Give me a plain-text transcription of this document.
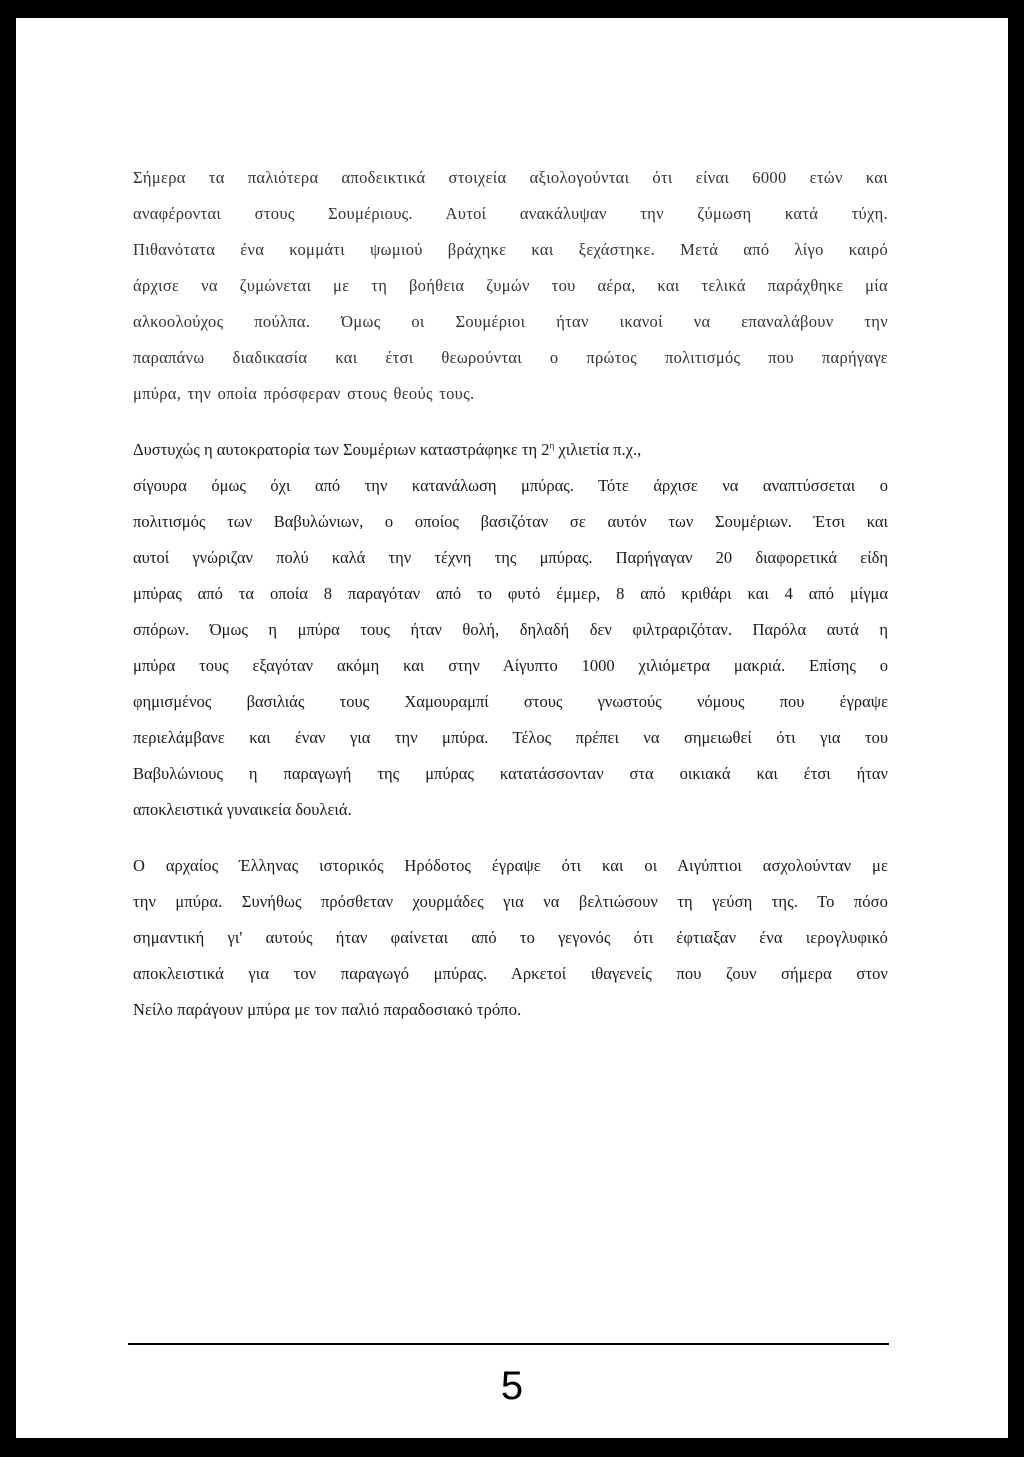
Σήμερα τα παλιότερα αποδεικτικά στοιχεία αξιολογούνται ότι είναι 6000 ετών και
αναφέρονται στους Σουμέριους. Αυτοί ανακάλυψαν την ζύμωση κατά τύχη.
Πιθανότατα ένα κομμάτι ψωμιού βράχηκε και ξεχάστηκε. Μετά από λίγο καιρό
άρχισε να ζυμώνεται με τη βοήθεια ζυμών του αέρα, και τελικά παράχθηκε μία
αλκοολούχος πούλπα. Όμως οι Σουμέριοι ήταν ικανοί να επαναλάβουν την
παραπάνω διαδικασία και έτσι θεωρούνται ο πρώτος πολιτισμός που παρήγαγε
μπύρα, την οποία πρόσφεραν στους θεούς τους.

Δυστυχώς η αυτοκρατορία των Σουμέριων καταστράφηκε τη $2^\eta$ χιλιετία π.χ.,
σίγουρα όμως όχι από την κατανάλωση μπύρας. Τότε άρχισε να αναπτύσσεται ο
πολιτισμός των Βαβυλώνιων, ο οποίος βασιζόταν σε αυτόν των Σουμέριων. Έτσι και
αυτοί γνώριζαν πολύ καλά την τέχνη της μπύρας. Παρήγαγαν 20 διαφορετικά είδη
μπύρας από τα οποία 8 παραγόταν από το φυτό έμμερ, 8 από κριθάρι και 4 από μίγμα
σπόρων. Όμως η μπύρα τους ήταν θολή, δηλαδή δεν φιλτραριζόταν. Παρόλα αυτά η
μπύρα τους εξαγόταν ακόμη και στην Αίγυπτο 1000 χιλιόμετρα μακριά. Επίσης ο
φημισμένος βασιλιάς τους Χαμουραμπί στους γνωστούς νόμους που έγραψε
περιελάμβανε και έναν για την μπύρα. Τέλος πρέπει να σημειωθεί ότι για του
Βαβυλώνιους η παραγωγή της μπύρας κατατάσσονταν στα οικιακά και έτσι ήταν
αποκλειστικά γυναικεία δουλειά.

Ο αρχαίος Έλληνας ιστορικός Ηρόδοτος έγραψε ότι και οι Αιγύπτιοι ασχολούνταν με
την μπύρα. Συνήθως πρόσθεταν χουρμάδες για να βελτιώσουν τη γεύση της. Το πόσο
σημαντική γι' αυτούς ήταν φαίνεται από το γεγονός ότι έφτιαξαν ένα ιερογλυφικό
αποκλειστικά για τον παραγωγό μπύρας. Αρκετοί ιθαγενείς που ζουν σήμερα στον
Νείλο παράγουν μπύρα με τον παλιό παραδοσιακό τρόπο.

5
